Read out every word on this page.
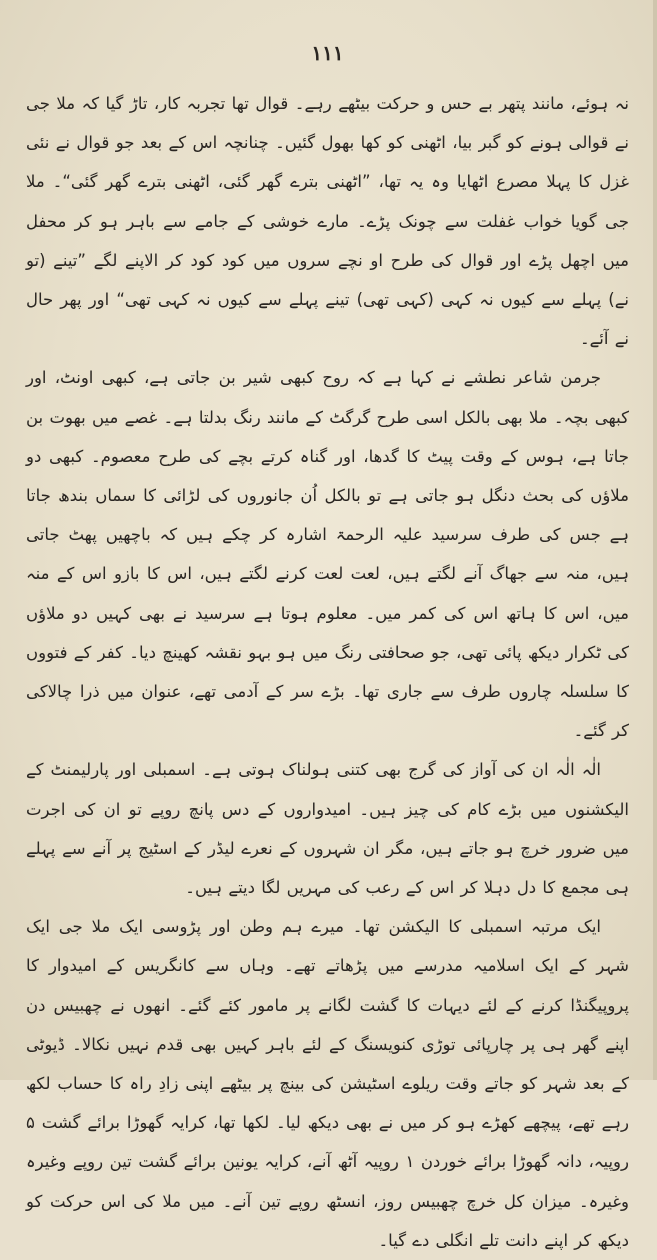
۱۱۱

نہ ہوئے، مانند پتھر بے حس و حرکت بیٹھے رہے۔ قوال تھا تجربہ کار، تاڑ گیا کہ ملا جی نے قوالی ہونے کو گبر بیا، اٹھنی کو کھا بھول گئیں۔ چنانچہ اس کے بعد جو قوال نے نئی غزل کا پہلا مصرع اٹھایا وہ یہ تھا، ”اٹھنی بترے گھر گئی، اٹھنی بترے گھر گئی“۔ ملا جی گویا خواب غفلت سے چونک پڑے۔ مارے خوشی کے جامے سے باہر ہو کر محفل میں اچھل پڑے اور قوال کی طرح او نچے سروں میں کود کود کر الاپنے لگے ”تینے (تو نے) پہلے سے کیوں نہ کہی (کہی تھی) تینے پہلے سے کیوں نہ کہی تھی“ اور پھر حال نے آئے۔

جرمن شاعر نطشے نے کہا ہے کہ روح کبھی شیر بن جاتی ہے، کبھی اونٹ، اور کبھی بچہ۔ ملا بھی بالکل اسی طرح گرگٹ کے مانند رنگ بدلتا ہے۔ غصے میں بھوت بن جاتا ہے، ہوس کے وقت پیٹ کا گدھا، اور گناہ کرتے بچے کی طرح معصوم۔ کبھی دو ملاؤں کی بحث دنگل ہو جاتی ہے تو بالکل اُن جانوروں کی لڑائی کا سماں بندھ جاتا ہے جس کی طرف سرسید علیہ الرحمۃ اشارہ کر چکے ہیں کہ باچھیں پھٹ جاتی ہیں، منہ سے جھاگ آنے لگتے ہیں، لعت لعت کرنے لگتے ہیں، اس کا بازو اس کے منہ میں، اس کا ہاتھ اس کی کمر میں۔ معلوم ہوتا ہے سرسید نے بھی کہیں دو ملاؤں کی ٹکرار دیکھ پائی تھی، جو صحافتی رنگ میں ہو بہو نقشہ کھینچ دیا۔ کفر کے فتووں کا سلسلہ چاروں طرف سے جاری تھا۔ بڑے سر کے آدمی تھے، عنوان میں ذرا چالاکی کر گئے۔

الٰہ الٰہ ان کی آواز کی گرج بھی کتنی ہولناک ہوتی ہے۔ اسمبلی اور پارلیمنٹ کے الیکشنوں میں بڑے کام کی چیز ہیں۔ امیدواروں کے دس پانچ روپے تو ان کی اجرت میں ضرور خرچ ہو جاتے ہیں، مگر ان شہروں کے نعرے لیڈر کے اسٹیج پر آنے سے پہلے ہی مجمع کا دل دہلا کر اس کے رعب کی مہریں لگا دیتے ہیں۔

ایک مرتبہ اسمبلی کا الیکشن تھا۔ میرے ہم وطن اور پڑوسی ایک ملا جی ایک شہر کے ایک اسلامیہ مدرسے میں پڑھاتے تھے۔ وہاں سے کانگریس کے امیدوار کا پروپیگنڈا کرنے کے لئے دیہات کا گشت لگانے پر مامور کئے گئے۔ انھوں نے چھبیس دن اپنے گھر ہی پر چارپائی توڑی کنویسنگ کے لئے باہر کہیں بھی قدم نہیں نکالا۔ ڈیوٹی کے بعد شہر کو جاتے وقت ریلوے اسٹیشن کی بینچ پر بیٹھے اپنی زادِ راہ کا حساب لکھ رہے تھے، پیچھے کھڑے ہو کر میں نے بھی دیکھ لیا۔ لکھا تھا، کرایہ گھوڑا برائے گشت ۵ روپیہ، دانہ گھوڑا برائے خوردن ۱ روپیہ آٹھ آنے، کرایہ یونین برائے گشت تین روپے وغیرہ وغیرہ۔ میزان کل خرچ چھبیس روز، انسٹھ روپے تین آنے۔ میں ملا کی اس حرکت کو دیکھ کر اپنے دانت تلے انگلی دے گیا۔
